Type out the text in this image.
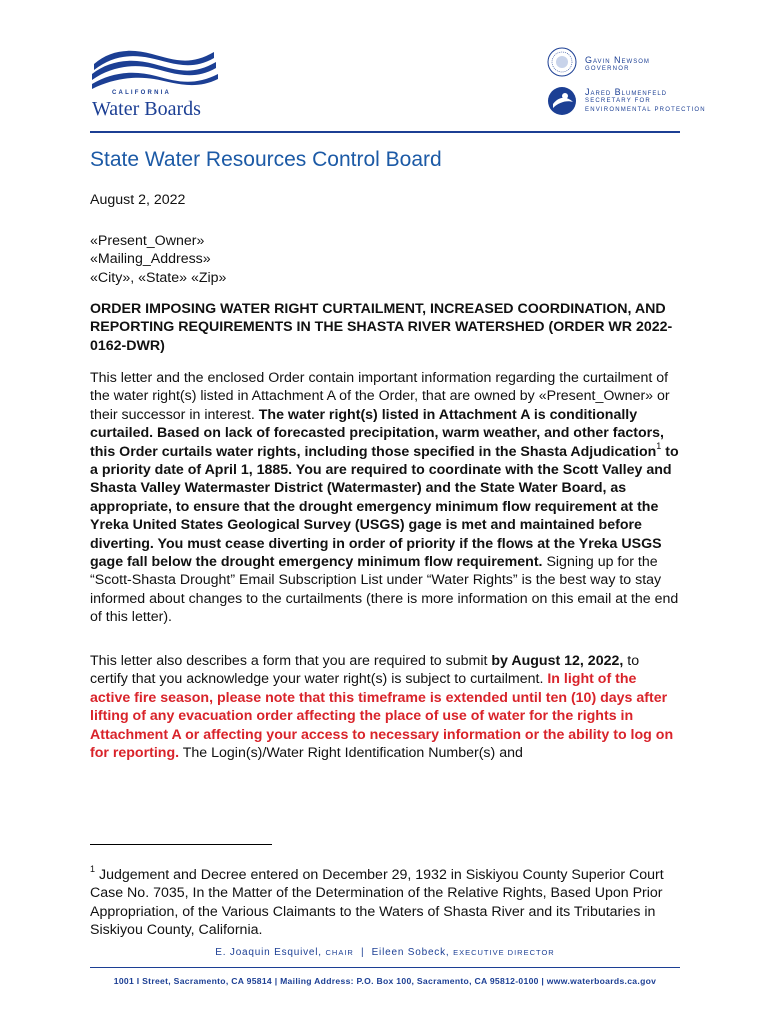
CALIFORNIA
Water Boards
Gavin Newsom
GOVERNOR
Jared Blumenfeld
SECRETARY FOR
ENVIRONMENTAL PROTECTION
State Water Resources Control Board
August 2, 2022
«Present_Owner»
«Mailing_Address»
«City», «State» «Zip»
ORDER IMPOSING WATER RIGHT CURTAILMENT, INCREASED COORDINATION, AND REPORTING REQUIREMENTS IN THE SHASTA RIVER WATERSHED (ORDER WR 2022-0162-DWR)
This letter and the enclosed Order contain important information regarding the curtailment of the water right(s) listed in Attachment A of the Order, that are owned by «Present_Owner» or their successor in interest. The water right(s) listed in Attachment A is conditionally curtailed. Based on lack of forecasted precipitation, warm weather, and other factors, this Order curtails water rights, including those specified in the Shasta Adjudication$^1$ to a priority date of April 1, 1885. You are required to coordinate with the Scott Valley and Shasta Valley Watermaster District (Watermaster) and the State Water Board, as appropriate, to ensure that the drought emergency minimum flow requirement at the Yreka United States Geological Survey (USGS) gage is met and maintained before diverting. You must cease diverting in order of priority if the flows at the Yreka USGS gage fall below the drought emergency minimum flow requirement. Signing up for the “Scott-Shasta Drought” Email Subscription List under “Water Rights” is the best way to stay informed about changes to the curtailments (there is more information on this email at the end of this letter).
This letter also describes a form that you are required to submit by August 12, 2022, to certify that you acknowledge your water right(s) is subject to curtailment. In light of the active fire season, please note that this timeframe is extended until ten (10) days after lifting of any evacuation order affecting the place of use of water for the rights in Attachment A or affecting your access to necessary information or the ability to log on for reporting. The Login(s)/Water Right Identification Number(s) and
$^1$ Judgement and Decree entered on December 29, 1932 in Siskiyou County Superior Court Case No. 7035, In the Matter of the Determination of the Relative Rights, Based Upon Prior Appropriation, of the Various Claimants to the Waters of Shasta River and its Tributaries in Siskiyou County, California.
E. Joaquin Esquivel, CHAIR | Eileen Sobeck, EXECUTIVE DIRECTOR
1001 I Street, Sacramento, CA 95814 | Mailing Address: P.O. Box 100, Sacramento, CA 95812-0100 | www.waterboards.ca.gov
